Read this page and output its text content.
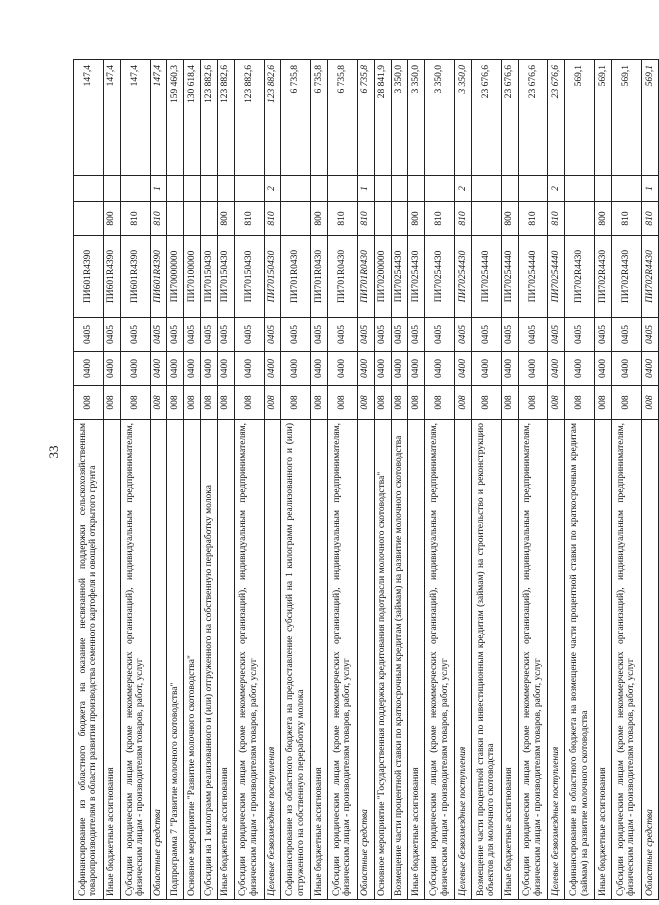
33 Софинансирование из областного бюджета на оказание несвязанной поддержки сельскохозяйственным товаропроизводителям в области развития производства семенного картофеля и овощей открытого грунта	008	0400	0405	ПИ601R4390			147,4
Иные бюджетные ассигнования	008	0400	0405	ПИ601R4390	800		147,4
Субсидии юридическим лицам (кроме некоммерческих организаций), индивидуальным предпринимателям, физическим лицам - производителям товаров, работ, услуг	008	0400	0405	ПИ601R4390	810		147,4
Областные средства	008	0400	0405	ПИ601R4390	810	1	147,4
Подпрограмма 7 "Развитие молочного скотоводства"	008	0400	0405	ПИ70000000			159 460,3
Основное мероприятие "Развитие молочного скотоводства"	008	0400	0405	ПИ70100000			130 618,4
Субсидии на 1 килограмм реализованного и (или) отгруженного на собственную переработку молока	008	0400	0405	ПИ70150430			123 882,6
Иные бюджетные ассигнования	008	0400	0405	ПИ70150430	800		123 882,6
Субсидии юридическим лицам (кроме некоммерческих организаций), индивидуальным предпринимателям, физическим лицам - производителям товаров, работ, услуг	008	0400	0405	ПИ70150430	810		123 882,6
Целевые безвозмездные поступления	008	0400	0405	ПИ70150430	810	2	123 882,6
Софинансирование из областного бюджета на предоставление субсидий на 1 килограмм реализованного и (или) отгруженного на собственную переработку молока	008	0400	0405	ПИ701R0430			6 735,8
Иные бюджетные ассигнования	008	0400	0405	ПИ701R0430	800		6 735,8
Субсидии юридическим лицам (кроме некоммерческих организаций), индивидуальным предпринимателям, физическим лицам - производителям товаров, работ, услуг	008	0400	0405	ПИ701R0430	810		6 735,8
Областные средства	008	0400	0405	ПИ701R0430	810	1	6 735,8
Основное мероприятие "Государственная поддержка кредитования подотрасли молочного скотоводства"	008	0400	0405	ПИ70200000			28 841,9
Возмещение части процентной ставки по краткосрочным кредитам (займам) на развитие молочного скотоводства	008	0400	0405	ПИ70254430			3 350,0
Иные бюджетные ассигнования	008	0400	0405	ПИ70254430	800		3 350,0
Субсидии юридическим лицам (кроме некоммерческих организаций), индивидуальным предпринимателям, физическим лицам - производителям товаров, работ, услуг	008	0400	0405	ПИ70254430	810		3 350,0
Целевые безвозмездные поступления	008	0400	0405	ПИ70254430	810	2	3 350,0
Возмещение части процентной ставки по инвестиционным кредитам (займам) на строительство и реконструкцию объектов для молочного скотоводства	008	0400	0405	ПИ70254440			23 676,6
Иные бюджетные ассигнования	008	0400	0405	ПИ70254440	800		23 676,6
Субсидии юридическим лицам (кроме некоммерческих организаций), индивидуальным предпринимателям, физическим лицам - производителям товаров, работ, услуг	008	0400	0405	ПИ70254440	810		23 676,6
Целевые безвозмездные поступления	008	0400	0405	ПИ70254440	810	2	23 676,6
Софинансирование из областного бюджета на возмещение части процентной ставки по краткосрочным кредитам (займам) на развитие молочного скотоводства	008	0400	0405	ПИ702R4430			569,1
Иные бюджетные ассигнования	008	0400	0405	ПИ702R4430	800		569,1
Субсидии юридическим лицам (кроме некоммерческих организаций), индивидуальным предпринимателям, физическим лицам - производителям товаров, работ, услуг	008	0400	0405	ПИ702R4430	810		569,1
Областные средства	008	0400	0405	ПИ702R4430	810	1	569,1
